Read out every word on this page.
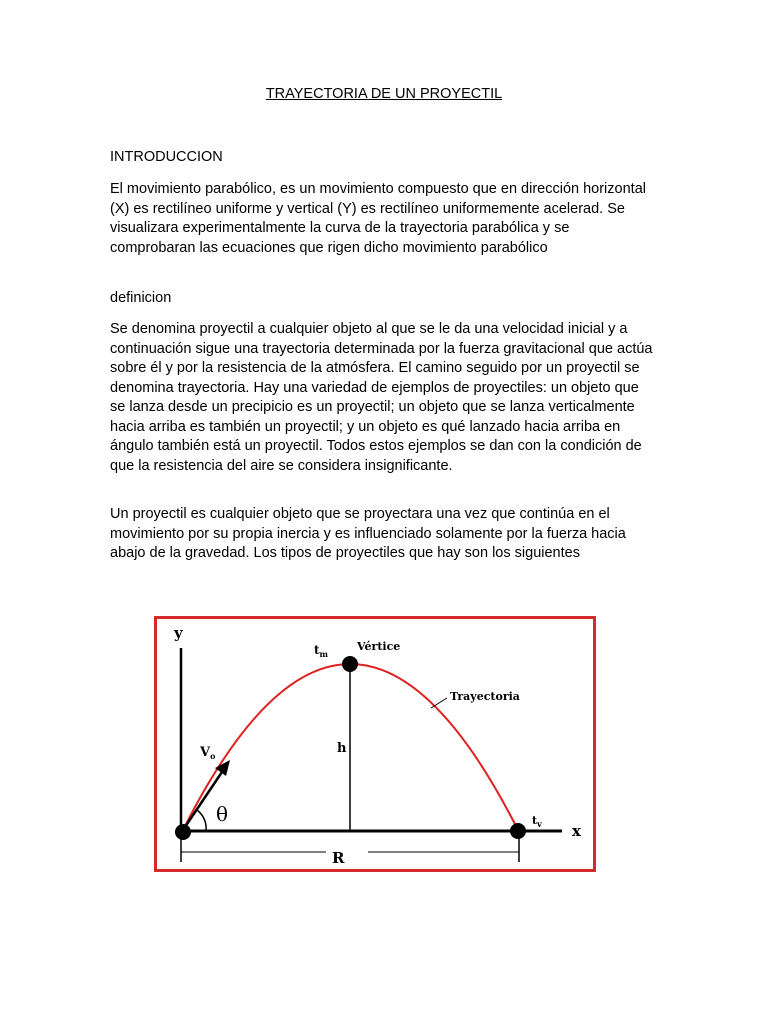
TRAYECTORIA DE UN PROYECTIL

INTRODUCCION

El movimiento parabólico, es un movimiento compuesto que en dirección horizontal (X) es rectilíneo uniforme y vertical (Y) es rectilíneo uniformemente acelerad. Se visualizara experimentalmente la curva de la trayectoria parabólica y se comprobaran las ecuaciones que rigen dicho movimiento parabólico

definicion

Se denomina proyectil a cualquier objeto al que se le da una velocidad inicial y a continuación sigue una trayectoria determinada por la fuerza gravitacional que actúa sobre él y por la resistencia de la atmósfera. El camino seguido por un proyectil se denomina trayectoria. Hay una variedad de ejemplos de proyectiles: un objeto que se lanza desde un precipicio es un proyectil; un objeto que se lanza verticalmente hacia arriba es también un proyectil; y un objeto es qué lanzado hacia arriba en ángulo también está un proyectil. Todos estos ejemplos se dan con la condición de que la resistencia del aire se considera insignificante.

Un proyectil es cualquier objeto que se proyectara una vez que continúa en el movimiento por su propia inercia y es influenciado solamente por la fuerza hacia abajo de la gravedad. Los tipos de proyectiles que hay son los siguientes

y
x
h
$t_m$
Vértice
Trayectoria
$t_v$
$V_o$
θ
R
